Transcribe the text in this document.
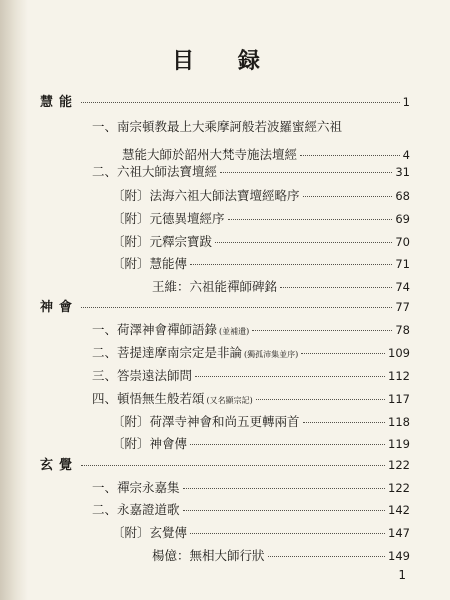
目 録
慧能	1
一、南宗頓教最上大乘摩訶般若波羅蜜經六祖
慧能大師於韶州大梵寺施法壇經	4
二、六祖大師法寶壇經	31
〔附〕法海六祖大師法寶壇經略序	68
〔附〕元德異壇經序	69
〔附〕元釋宗寶跋	70
〔附〕慧能傳	71
王維：六祖能禪師碑銘	74
神會	77
一、荷澤神會禪師語錄 (並補遺)	78
二、菩提達摩南宗定是非論 (獨孤沛集並序)	109
三、答崇遠法師問	112
四、頓悟無生般若頌 (又名顯宗記)	117
〔附〕荷澤寺神會和尚五更轉兩首	118
〔附〕神會傳	119
玄覺	122
一、禪宗永嘉集	122
二、永嘉證道歌	142
〔附〕玄覺傳	147
楊億：無相大師行狀	149
1
